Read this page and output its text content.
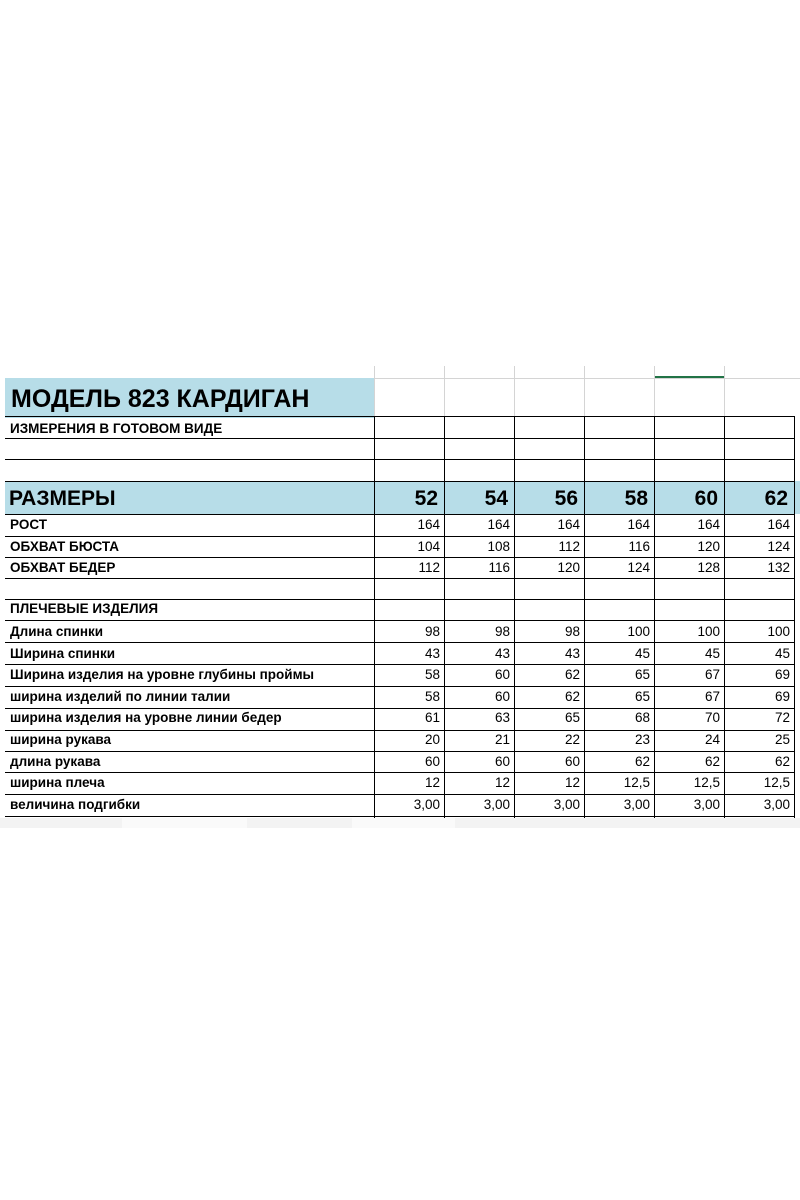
МОДЕЛЬ 823 КАРДИГАН
ИЗМЕРЕНИЯ В ГОТОВОМ ВИДЕ
РАЗМЕРЫ	52	54	56	58	60	62
РОСТ	164	164	164	164	164	164
ОБХВАТ БЮСТА	104	108	112	116	120	124
ОБХВАТ БЕДЕР	112	116	120	124	128	132
ПЛЕЧЕВЫЕ ИЗДЕЛИЯ
Длина спинки	98	98	98	100	100	100
Ширина спинки	43	43	43	45	45	45
Ширина изделия на уровне глубины проймы	58	60	62	65	67	69
ширина изделий по линии талии	58	60	62	65	67	69
ширина изделия на уровне линии бедер	61	63	65	68	70	72
ширина рукава	20	21	22	23	24	25
длина рукава	60	60	60	62	62	62
ширина плеча	12	12	12	12,5	12,5	12,5
величина подгибки	3,00	3,00	3,00	3,00	3,00	3,00
